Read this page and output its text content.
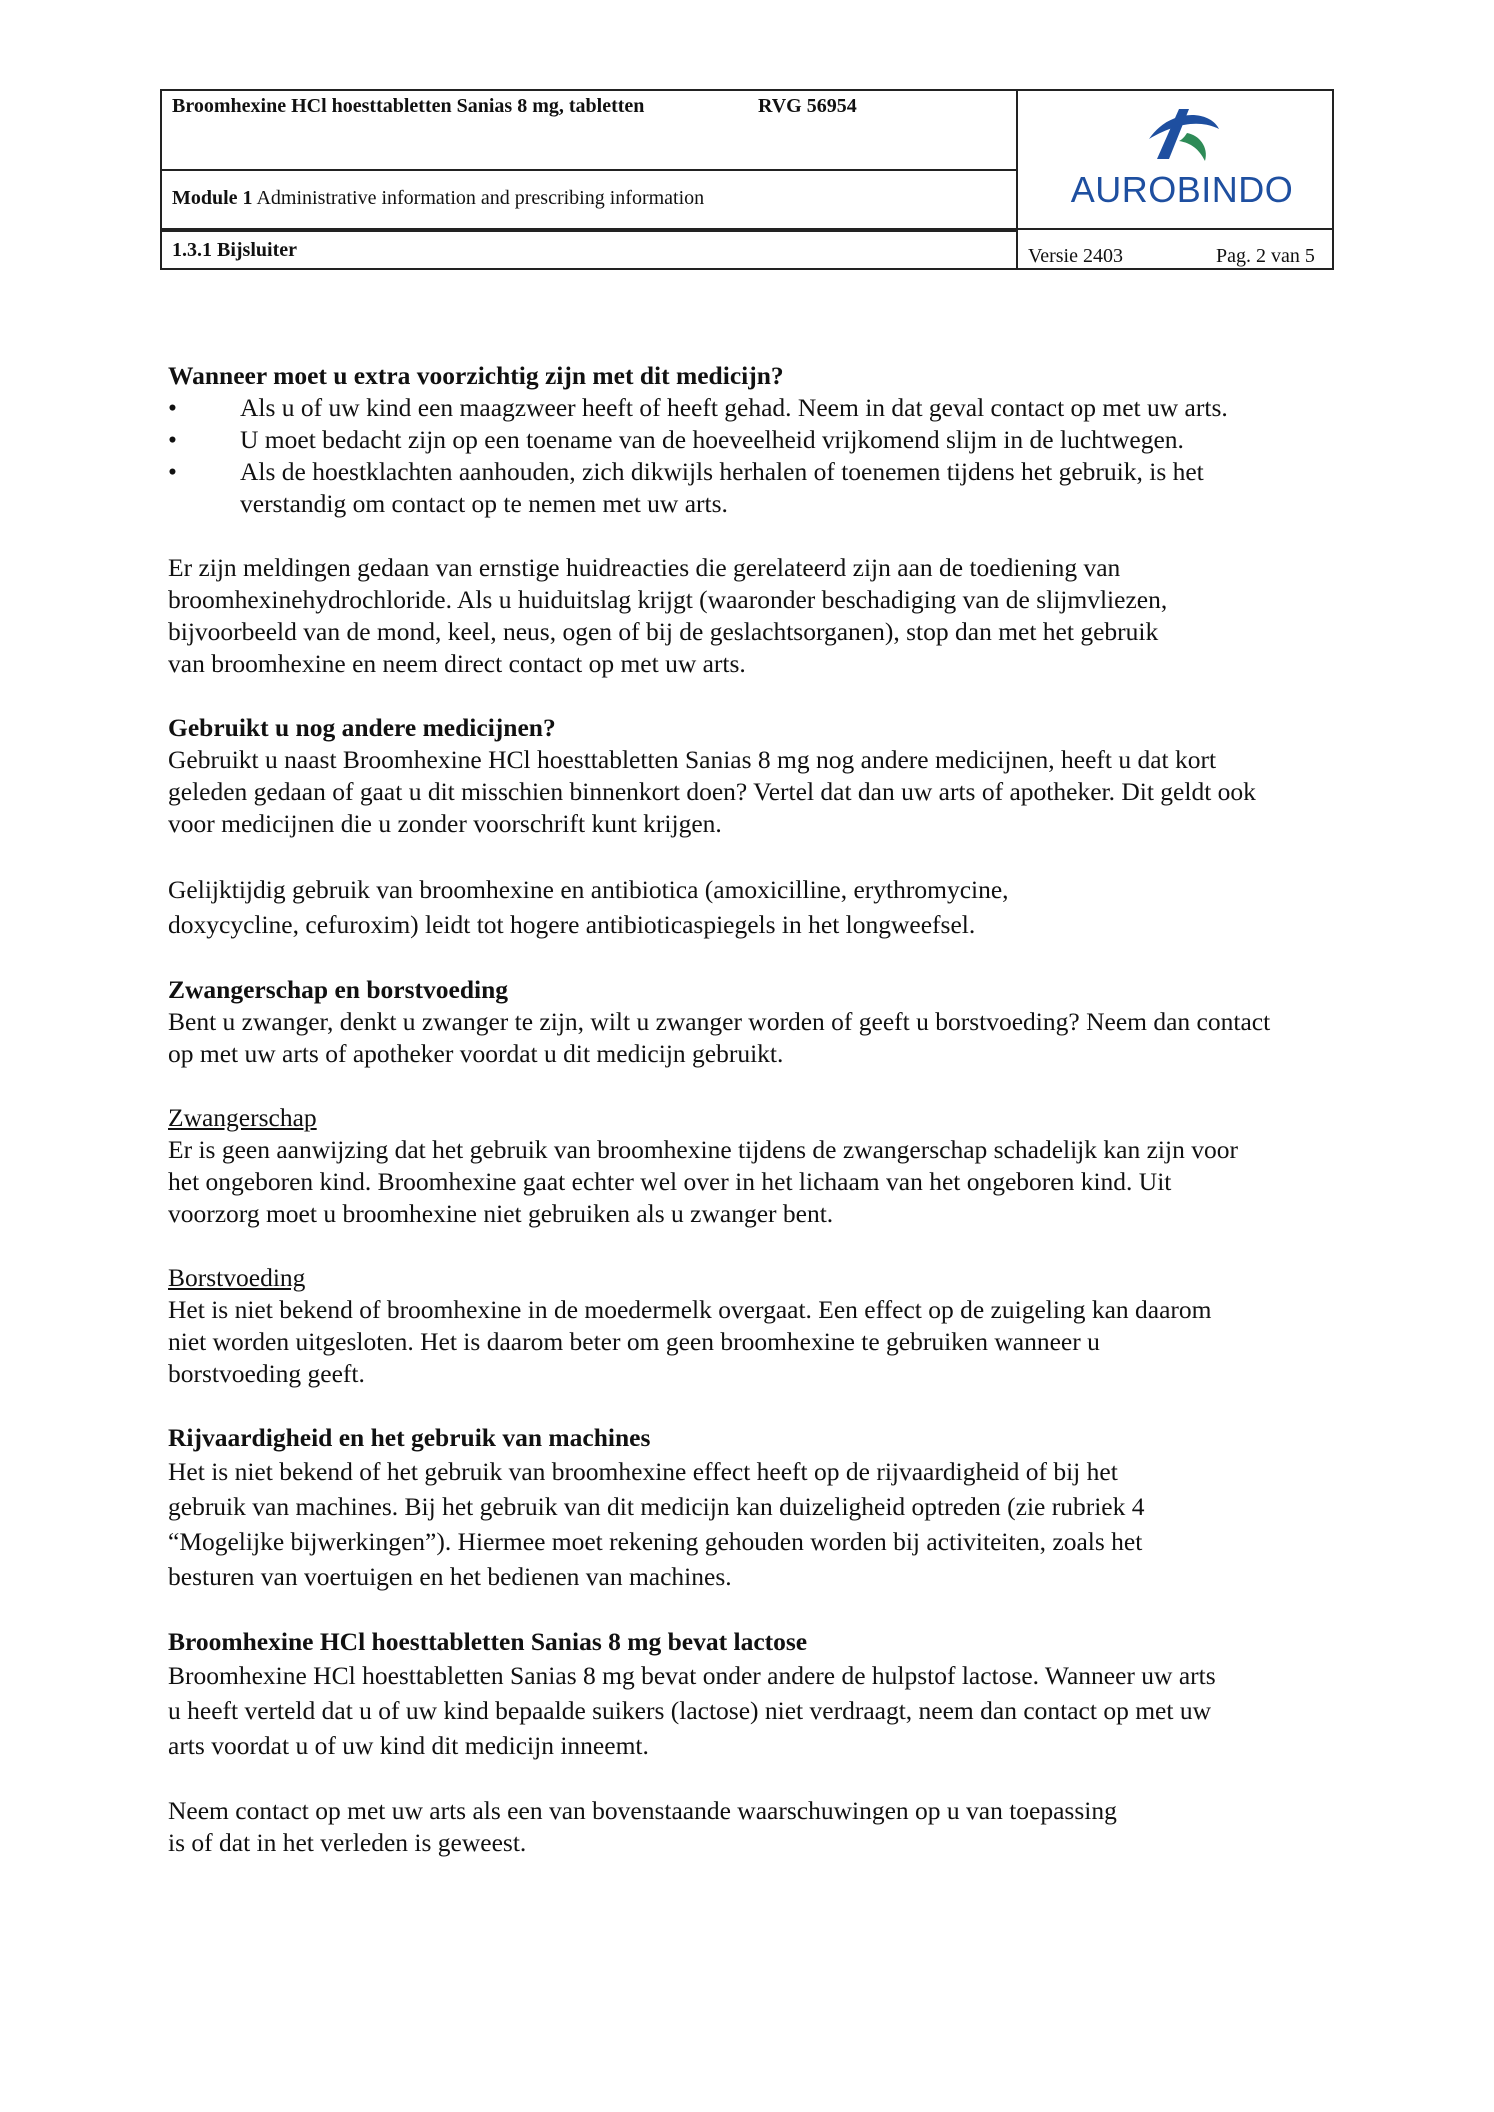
Broomhexine HCl hoesttabletten Sanias 8 mg, tabletten	RVG 56954
Module 1 Administrative information and prescribing information
1.3.1 Bijsluiter	Versie 2403	Pag. 2 van 5
AUROBINDO
Wanneer moet u extra voorzichtig zijn met dit medicijn?
• Als u of uw kind een maagzweer heeft of heeft gehad. Neem in dat geval contact op met uw arts.
• U moet bedacht zijn op een toename van de hoeveelheid vrijkomend slijm in de luchtwegen.
• Als de hoestklachten aanhouden, zich dikwijls herhalen of toenemen tijdens het gebruik, is het verstandig om contact op te nemen met uw arts.

Er zijn meldingen gedaan van ernstige huidreacties die gerelateerd zijn aan de toediening van broomhexinehydrochloride. Als u huiduitslag krijgt (waaronder beschadiging van de slijmvliezen, bijvoorbeeld van de mond, keel, neus, ogen of bij de geslachtsorganen), stop dan met het gebruik van broomhexine en neem direct contact op met uw arts.

Gebruikt u nog andere medicijnen?

Gebruikt u naast Broomhexine HCl hoesttabletten Sanias 8 mg nog andere medicijnen, heeft u dat kort geleden gedaan of gaat u dit misschien binnenkort doen? Vertel dat dan uw arts of apotheker. Dit geldt ook voor medicijnen die u zonder voorschrift kunt krijgen.

Gelijktijdig gebruik van broomhexine en antibiotica (amoxicilline, erythromycine, doxycycline, cefuroxim) leidt tot hogere antibioticaspiegels in het longweefsel.

Zwangerschap en borstvoeding

Bent u zwanger, denkt u zwanger te zijn, wilt u zwanger worden of geeft u borstvoeding? Neem dan contact op met uw arts of apotheker voordat u dit medicijn gebruikt.

Zwangerschap

Er is geen aanwijzing dat het gebruik van broomhexine tijdens de zwangerschap schadelijk kan zijn voor het ongeboren kind. Broomhexine gaat echter wel over in het lichaam van het ongeboren kind. Uit voorzorg moet u broomhexine niet gebruiken als u zwanger bent.

Borstvoeding

Het is niet bekend of broomhexine in de moedermelk overgaat. Een effect op de zuigeling kan daarom niet worden uitgesloten. Het is daarom beter om geen broomhexine te gebruiken wanneer u borstvoeding geeft.

Rijvaardigheid en het gebruik van machines

Het is niet bekend of het gebruik van broomhexine effect heeft op de rijvaardigheid of bij het gebruik van machines. Bij het gebruik van dit medicijn kan duizeligheid optreden (zie rubriek 4 “Mogelijke bijwerkingen”). Hiermee moet rekening gehouden worden bij activiteiten, zoals het besturen van voertuigen en het bedienen van machines.

Broomhexine HCl hoesttabletten Sanias 8 mg bevat lactose

Broomhexine HCl hoesttabletten Sanias 8 mg bevat onder andere de hulpstof lactose. Wanneer uw arts u heeft verteld dat u of uw kind bepaalde suikers (lactose) niet verdraagt, neem dan contact op met uw arts voordat u of uw kind dit medicijn inneemt.

Neem contact op met uw arts als een van bovenstaande waarschuwingen op u van toepassing is of dat in het verleden is geweest.
